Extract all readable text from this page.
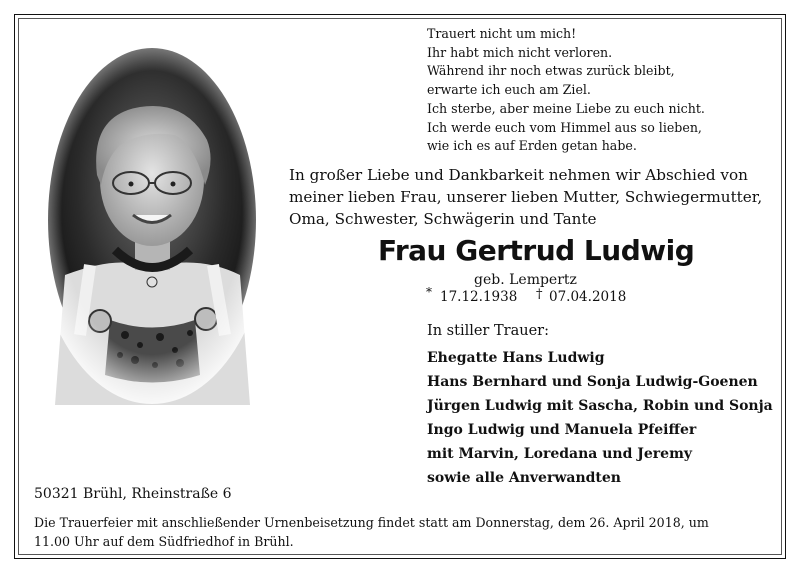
Trauert nicht um mich!
Ihr habt mich nicht verloren.
Während ihr noch etwas zurück bleibt,
erwarte ich euch am Ziel.
Ich sterbe, aber meine Liebe zu euch nicht.
Ich werde euch vom Himmel aus so lieben,
wie ich es auf Erden getan habe.
In großer Liebe und Dankbarkeit nehmen wir Abschied von
meiner lieben Frau, unserer lieben Mutter, Schwiegermutter,
Oma, Schwester, Schwägerin und Tante
Frau Gertrud Ludwig
geb. Lempertz
* 17.12.1938 † 07.04.2018
In stiller Trauer:
Ehegatte Hans Ludwig
Hans Bernhard und Sonja Ludwig-Goenen
Jürgen Ludwig mit Sascha, Robin und Sonja
Ingo Ludwig und Manuela Pfeiffer
mit Marvin, Loredana und Jeremy
sowie alle Anverwandten
50321 Brühl, Rheinstraße 6
Die Trauerfeier mit anschließender Urnenbeisetzung findet statt am Donnerstag, dem 26. April 2018, um
11.00 Uhr auf dem Südfriedhof in Brühl.
